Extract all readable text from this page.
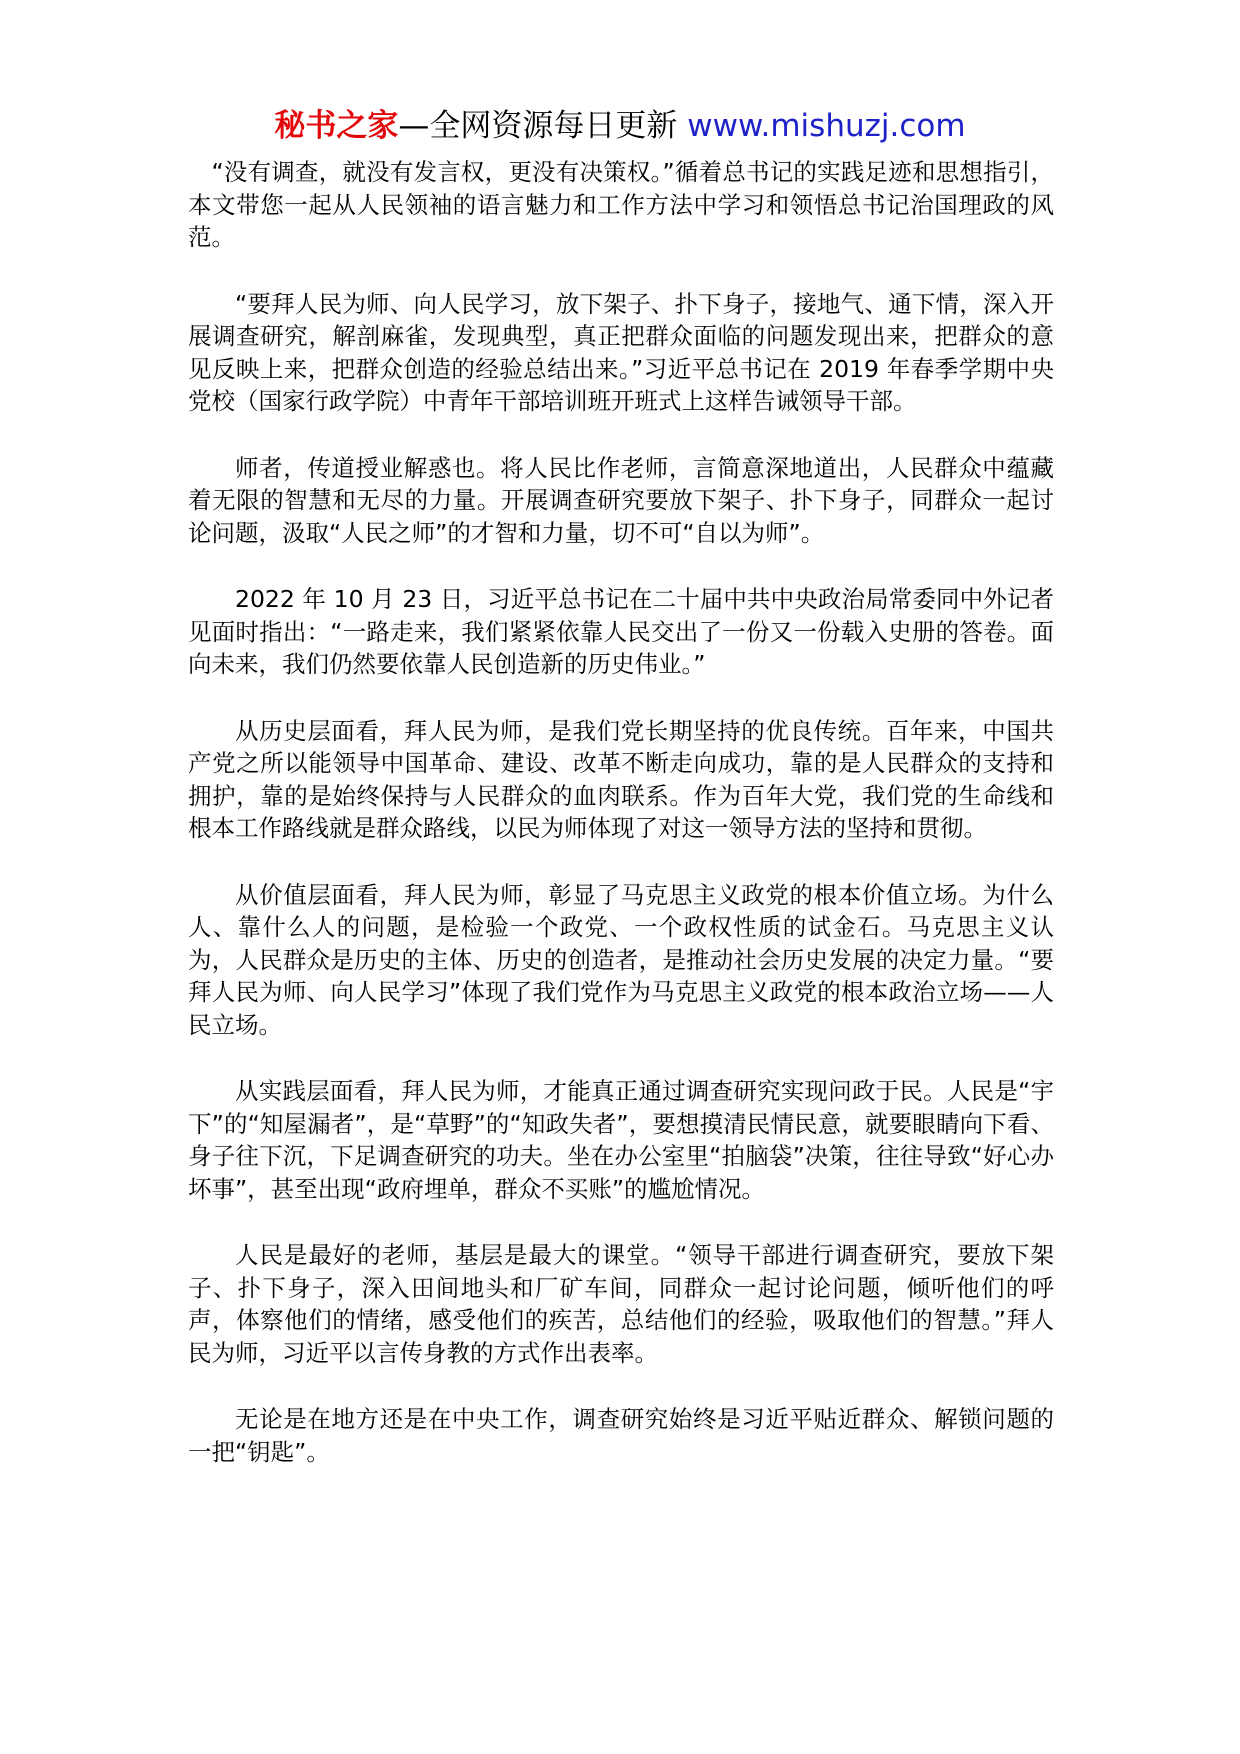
秘书之家—全网资源每日更新 www.mishuzj.com

“没有调查，就没有发言权，更没有决策权。”循着总书记的实践足迹和思想指引，本文带您一起从人民领袖的语言魅力和工作方法中学习和领悟总书记治国理政的风范。

“要拜人民为师、向人民学习，放下架子、扑下身子，接地气、通下情，深入开展调查研究，解剖麻雀，发现典型，真正把群众面临的问题发现出来，把群众的意见反映上来，把群众创造的经验总结出来。”习近平总书记在 2019 年春季学期中央党校（国家行政学院）中青年干部培训班开班式上这样告诫领导干部。

师者，传道授业解惑也。将人民比作老师，言简意深地道出，人民群众中蕴藏着无限的智慧和无尽的力量。开展调查研究要放下架子、扑下身子，同群众一起讨论问题，汲取“人民之师”的才智和力量，切不可“自以为师”。

2022 年 10 月 23 日，习近平总书记在二十届中共中央政治局常委同中外记者见面时指出：“一路走来，我们紧紧依靠人民交出了一份又一份载入史册的答卷。面向未来，我们仍然要依靠人民创造新的历史伟业。”

从历史层面看，拜人民为师，是我们党长期坚持的优良传统。百年来，中国共产党之所以能领导中国革命、建设、改革不断走向成功，靠的是人民群众的支持和拥护，靠的是始终保持与人民群众的血肉联系。作为百年大党，我们党的生命线和根本工作路线就是群众路线，以民为师体现了对这一领导方法的坚持和贯彻。

从价值层面看，拜人民为师，彰显了马克思主义政党的根本价值立场。为什么人、靠什么人的问题，是检验一个政党、一个政权性质的试金石。马克思主义认为，人民群众是历史的主体、历史的创造者，是推动社会历史发展的决定力量。“要拜人民为师、向人民学习”体现了我们党作为马克思主义政党的根本政治立场——人民立场。

从实践层面看，拜人民为师，才能真正通过调查研究实现问政于民。人民是“宇下”的“知屋漏者”，是“草野”的“知政失者”，要想摸清民情民意，就要眼睛向下看、身子往下沉，下足调查研究的功夫。坐在办公室里“拍脑袋”决策，往往导致“好心办坏事”，甚至出现“政府埋单，群众不买账”的尴尬情况。

人民是最好的老师，基层是最大的课堂。“领导干部进行调查研究，要放下架子、扑下身子，深入田间地头和厂矿车间，同群众一起讨论问题，倾听他们的呼声，体察他们的情绪，感受他们的疾苦，总结他们的经验，吸取他们的智慧。”拜人民为师，习近平以言传身教的方式作出表率。

无论是在地方还是在中央工作，调查研究始终是习近平贴近群众、解锁问题的一把“钥匙”。
